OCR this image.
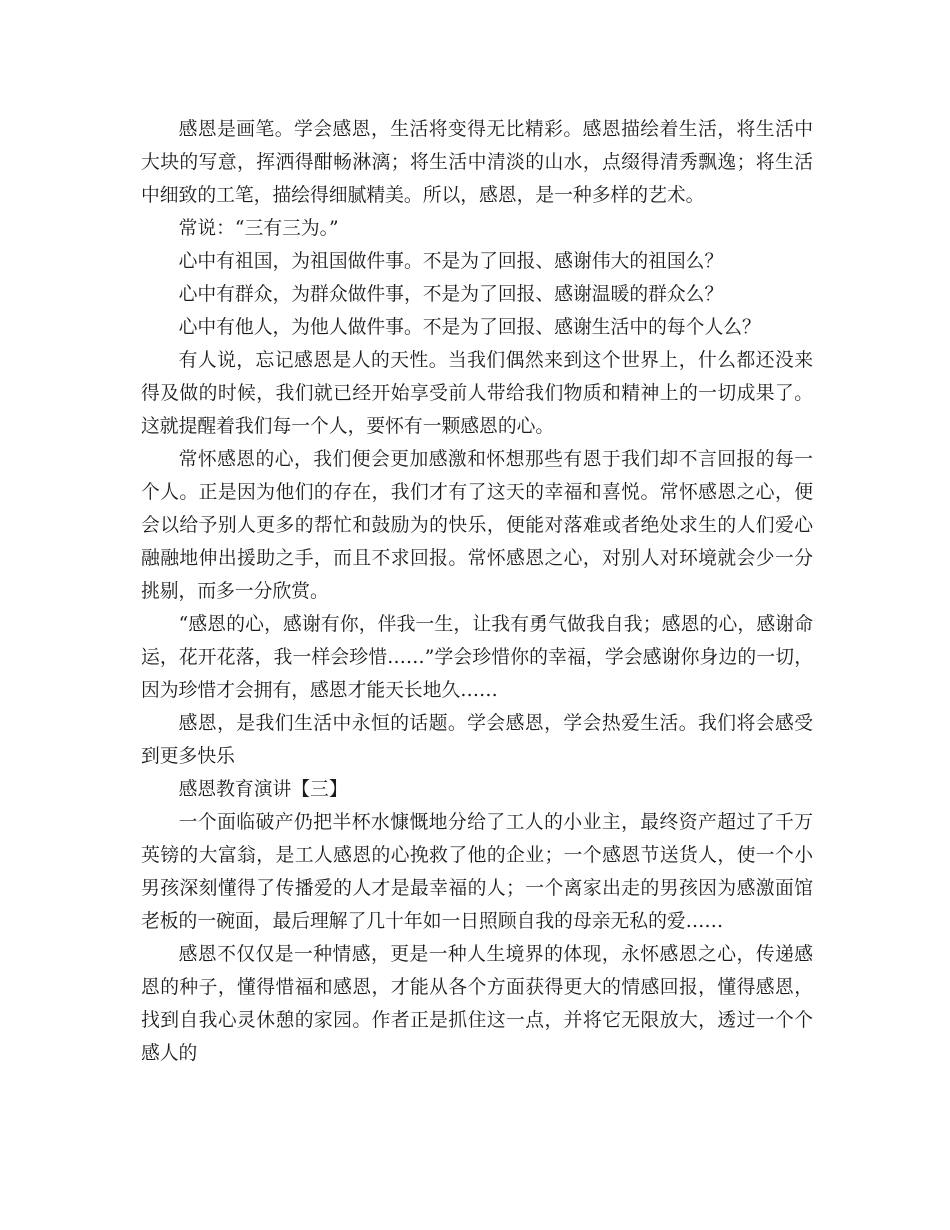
感恩是画笔。学会感恩，生活将变得无比精彩。感恩描绘着生活，将生活中大块的写意，挥洒得酣畅淋漓；将生活中清淡的山水，点缀得清秀飘逸；将生活中细致的工笔，描绘得细腻精美。所以，感恩，是一种多样的艺术。

常说：“三有三为。”

心中有祖国，为祖国做件事。不是为了回报、感谢伟大的祖国么？

心中有群众，为群众做件事，不是为了回报、感谢温暖的群众么？

心中有他人，为他人做件事。不是为了回报、感谢生活中的每个人么？

有人说，忘记感恩是人的天性。当我们偶然来到这个世界上，什么都还没来得及做的时候，我们就已经开始享受前人带给我们物质和精神上的一切成果了。这就提醒着我们每一个人，要怀有一颗感恩的心。

常怀感恩的心，我们便会更加感激和怀想那些有恩于我们却不言回报的每一个人。正是因为他们的存在，我们才有了这天的幸福和喜悦。常怀感恩之心，便会以给予别人更多的帮忙和鼓励为的快乐，便能对落难或者绝处求生的人们爱心融融地伸出援助之手，而且不求回报。常怀感恩之心，对别人对环境就会少一分挑剔，而多一分欣赏。

“感恩的心，感谢有你，伴我一生，让我有勇气做我自我；感恩的心，感谢命运，花开花落，我一样会珍惜……”学会珍惜你的幸福，学会感谢你身边的一切，因为珍惜才会拥有，感恩才能天长地久……

感恩，是我们生活中永恒的话题。学会感恩，学会热爱生活。我们将会感受到更多快乐

感恩教育演讲【三】

一个面临破产仍把半杯水慷慨地分给了工人的小业主，最终资产超过了千万英镑的大富翁，是工人感恩的心挽救了他的企业；一个感恩节送货人，使一个小男孩深刻懂得了传播爱的人才是最幸福的人；一个离家出走的男孩因为感激面馆老板的一碗面，最后理解了几十年如一日照顾自我的母亲无私的爱……

感恩不仅仅是一种情感，更是一种人生境界的体现，永怀感恩之心，传递感恩的种子，懂得惜福和感恩，才能从各个方面获得更大的情感回报，懂得感恩，找到自我心灵休憩的家园。作者正是抓住这一点，并将它无限放大，透过一个个感人的
